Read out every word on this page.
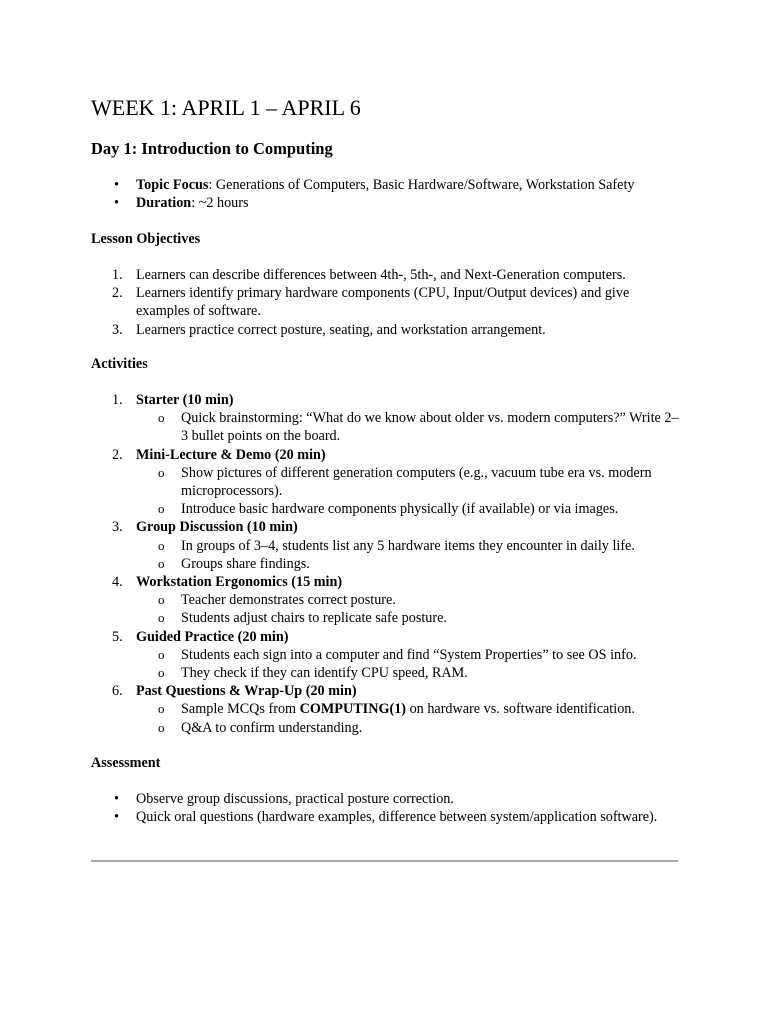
WEEK 1: APRIL 1 – APRIL 6
Day 1: Introduction to Computing
• Topic Focus: Generations of Computers, Basic Hardware/Software, Workstation Safety
• Duration: ~2 hours
Lesson Objectives
1. Learners can describe differences between 4th-, 5th-, and Next-Generation computers.
2. Learners identify primary hardware components (CPU, Input/Output devices) and give examples of software.
3. Learners practice correct posture, seating, and workstation arrangement.
Activities
1. Starter (10 min)
o Quick brainstorming: “What do we know about older vs. modern computers?” Write 2–3 bullet points on the board.
2. Mini-Lecture & Demo (20 min)
o Show pictures of different generation computers (e.g., vacuum tube era vs. modern microprocessors).
o Introduce basic hardware components physically (if available) or via images.
3. Group Discussion (10 min)
o In groups of 3–4, students list any 5 hardware items they encounter in daily life.
o Groups share findings.
4. Workstation Ergonomics (15 min)
o Teacher demonstrates correct posture.
o Students adjust chairs to replicate safe posture.
5. Guided Practice (20 min)
o Students each sign into a computer and find “System Properties” to see OS info.
o They check if they can identify CPU speed, RAM.
6. Past Questions & Wrap-Up (20 min)
o Sample MCQs from COMPUTING(1) on hardware vs. software identification.
o Q&A to confirm understanding.
Assessment
• Observe group discussions, practical posture correction.
• Quick oral questions (hardware examples, difference between system/application software).
